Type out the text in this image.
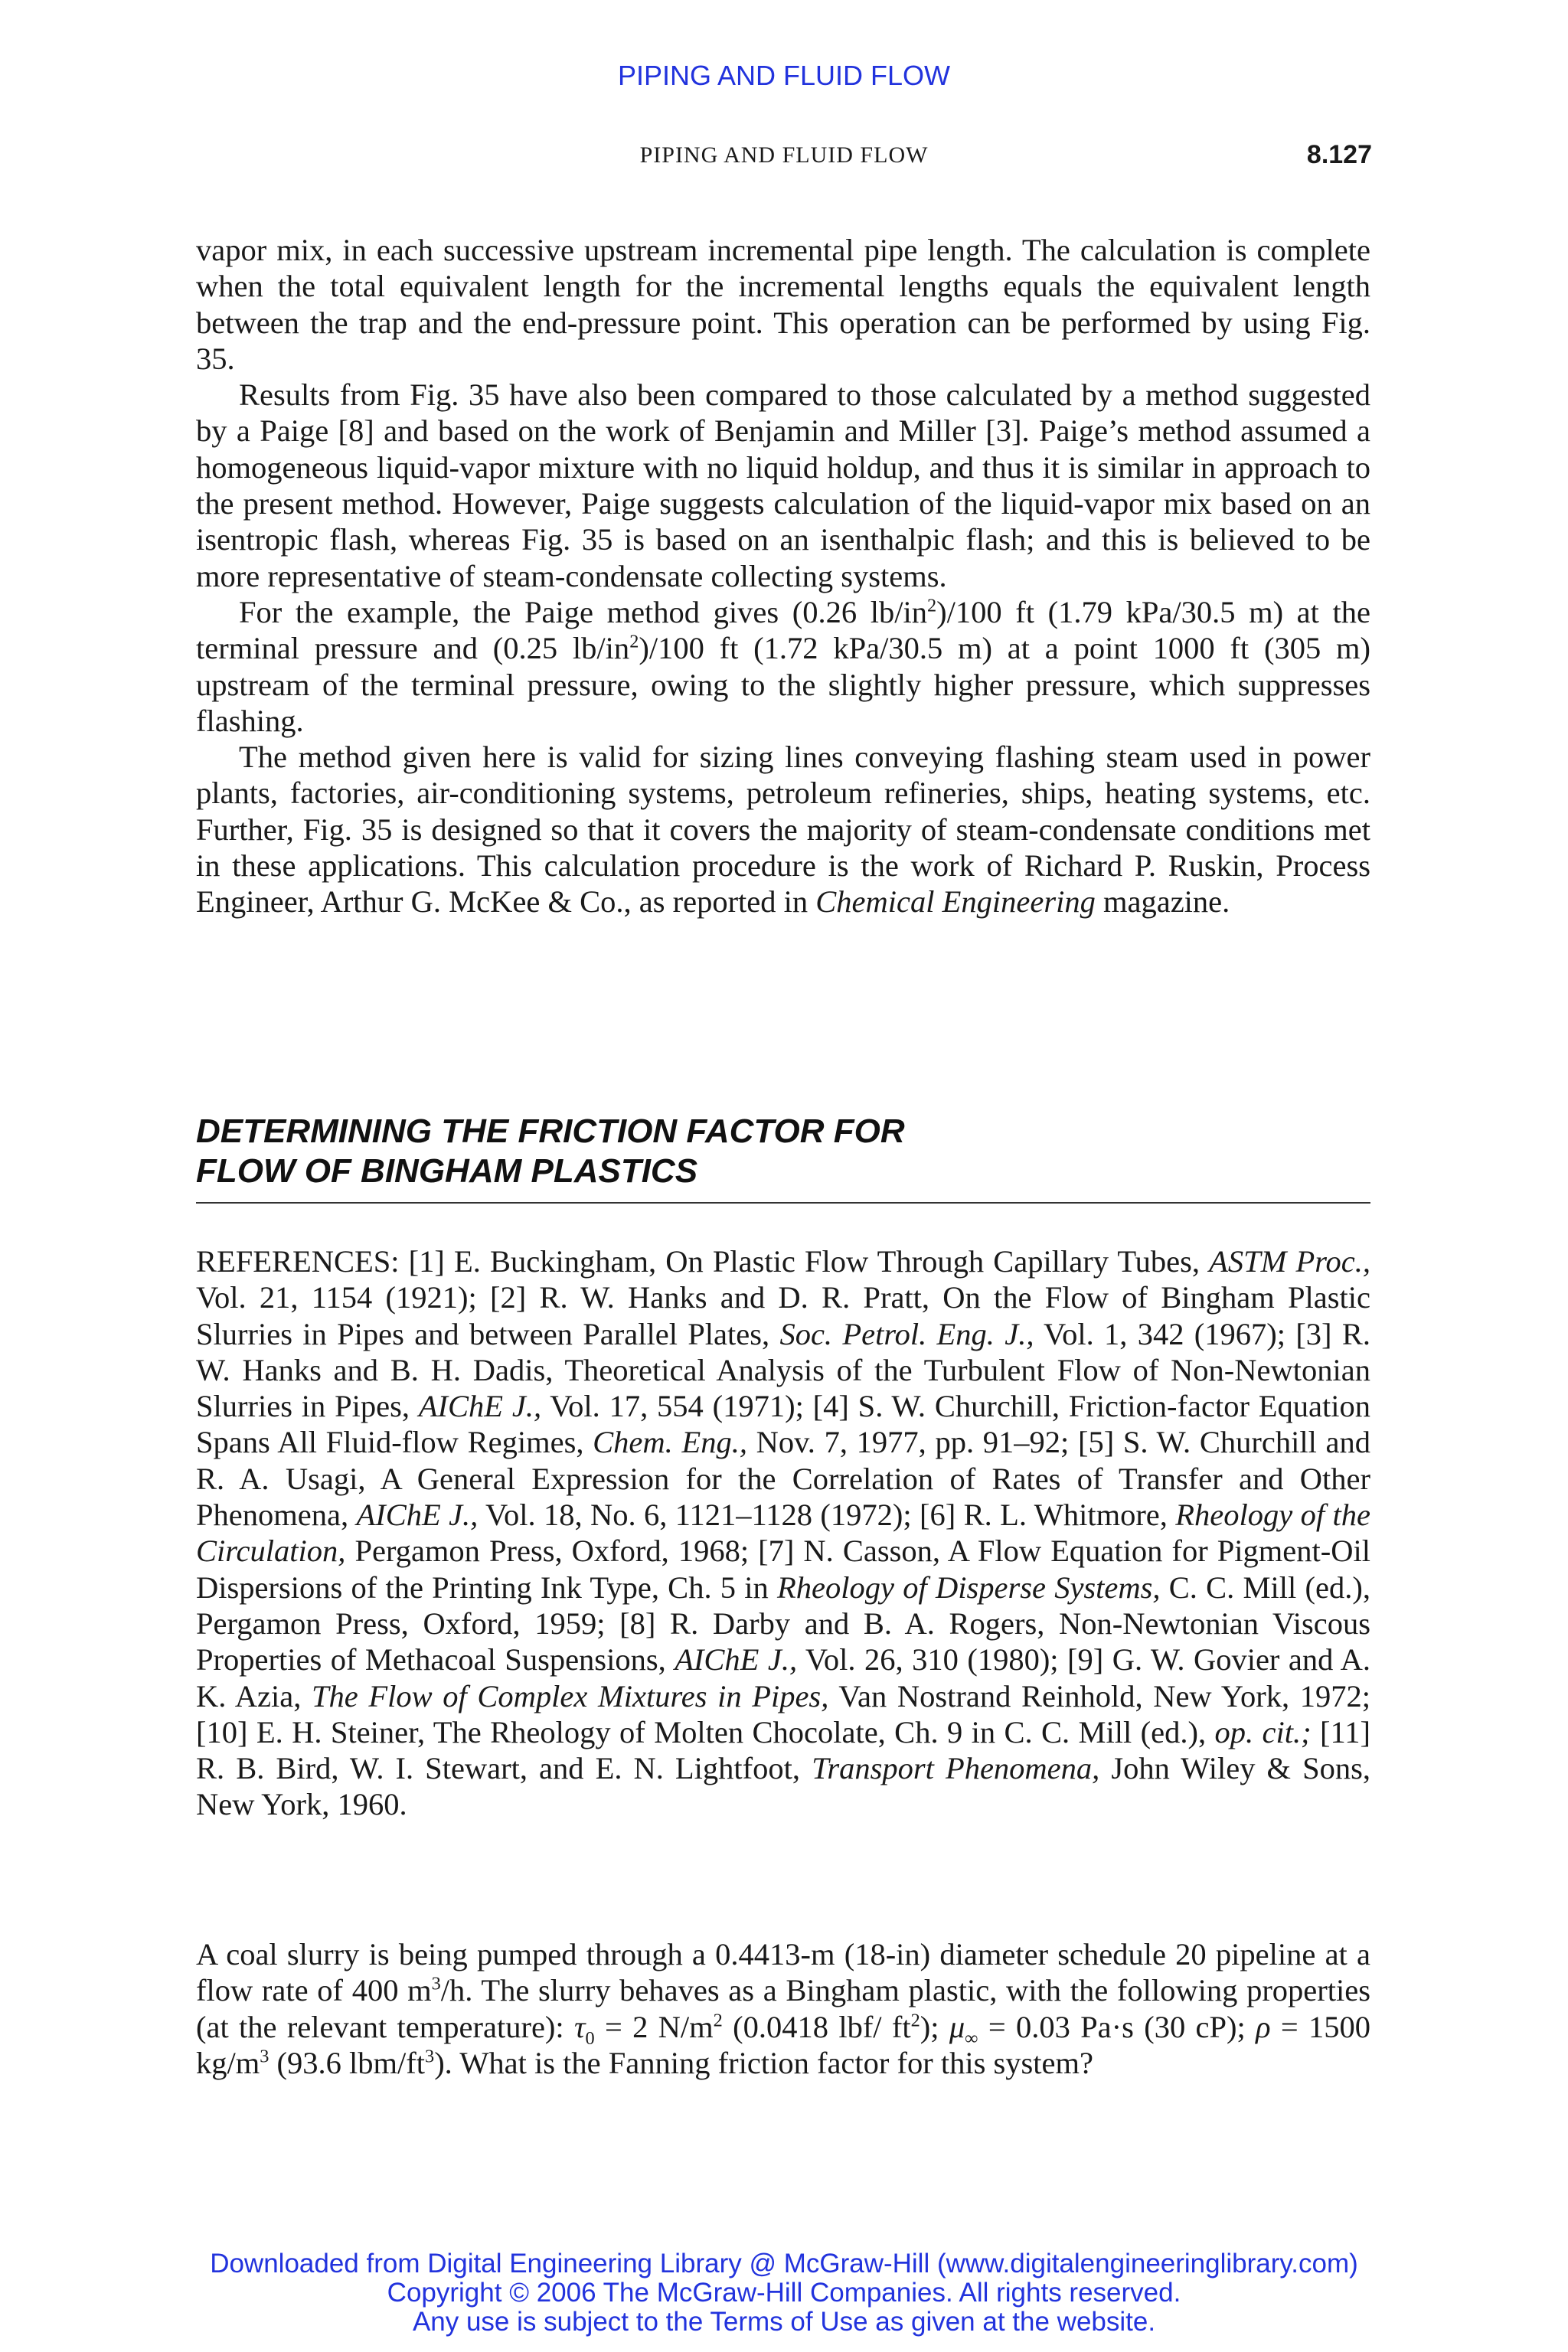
PIPING AND FLUID FLOW
PIPING AND FLUID FLOW	8.127

vapor mix, in each successive upstream incremental pipe length. The calculation is complete when the total equivalent length for the incremental lengths equals the equivalent length between the trap and the end-pressure point. This operation can be performed by using Fig. 35.

Results from Fig. 35 have also been compared to those calculated by a method suggested by a Paige [8] and based on the work of Benjamin and Miller [3]. Paige’s method assumed a homogeneous liquid-vapor mixture with no liquid holdup, and thus it is similar in approach to the present method. However, Paige suggests calculation of the liquid-vapor mix based on an isentropic flash, whereas Fig. 35 is based on an isenthalpic flash; and this is believed to be more representative of steam-condensate collecting systems.

For the example, the Paige method gives (0.26 $lb/in^2)/100$ ft (1.79 kPa/30.5 m) at the terminal pressure and (0.25 $lb/in^2)/100$ ft (1.72 kPa/30.5 m) at a point 1000 ft (305 m) upstream of the terminal pressure, owing to the slightly higher pressure, which suppresses flashing.

The method given here is valid for sizing lines conveying flashing steam used in power plants, factories, air-conditioning systems, petroleum refineries, ships, heating systems, etc. Further, Fig. 35 is designed so that it covers the majority of steam-condensate conditions met in these applications. This calculation procedure is the work of Richard P. Ruskin, Process Engineer, Arthur G. McKee & Co., as reported in Chemical Engineering magazine.

DETERMINING THE FRICTION FACTOR FOR
FLOW OF BINGHAM PLASTICS

REFERENCES: [1] E. Buckingham, On Plastic Flow Through Capillary Tubes, ASTM Proc., Vol. 21, 1154 (1921); [2] R. W. Hanks and D. R. Pratt, On the Flow of Bingham Plastic Slurries in Pipes and between Parallel Plates, Soc. Petrol. Eng. J., Vol. 1, 342 (1967); [3] R. W. Hanks and B. H. Dadis, Theoretical Analysis of the Turbulent Flow of Non-Newtonian Slurries in Pipes, AIChE J., Vol. 17, 554 (1971); [4] S. W. Churchill, Friction-factor Equation Spans All Fluid-flow Regimes, Chem. Eng., Nov. 7, 1977, pp. 91–92; [5] S. W. Churchill and R. A. Usagi, A General Expression for the Correlation of Rates of Transfer and Other Phenomena, AIChE J., Vol. 18, No. 6, 1121–1128 (1972); [6] R. L. Whitmore, Rheology of the Circulation, Pergamon Press, Oxford, 1968; [7] N. Casson, A Flow Equation for Pigment-Oil Dispersions of the Printing Ink Type, Ch. 5 in Rheology of Disperse Systems, C. C. Mill (ed.), Pergamon Press, Oxford, 1959; [8] R. Darby and B. A. Rogers, Non-Newtonian Viscous Properties of Methacoal Suspensions, AIChE J., Vol. 26, 310 (1980); [9] G. W. Govier and A. K. Azia, The Flow of Complex Mixtures in Pipes, Van Nostrand Reinhold, New York, 1972; [10] E. H. Steiner, The Rheology of Molten Chocolate, Ch. 9 in C. C. Mill (ed.), op. cit.; [11] R. B. Bird, W. I. Stewart, and E. N. Lightfoot, Transport Phenomena, John Wiley & Sons, New York, 1960.

A coal slurry is being pumped through a 0.4413-m (18-in) diameter schedule 20 pipeline at a flow rate of 400 $m^3/h$. The slurry behaves as a Bingham plastic, with the following properties (at the relevant temperature): $\tau_0 = 2$ $N/m^2$ (0.0418 lbf/ $ft^2$); $\mu_\infty = 0.03$ Pa·s (30 cP); ρ = 1500 $kg/m^3$ (93.6 lbm/$ft^3$). What is the Fanning friction factor for this system?

Downloaded from Digital Engineering Library @ McGraw-Hill (www.digitalengineeringlibrary.com)
Copyright © 2006 The McGraw-Hill Companies. All rights reserved.
Any use is subject to the Terms of Use as given at the website.
